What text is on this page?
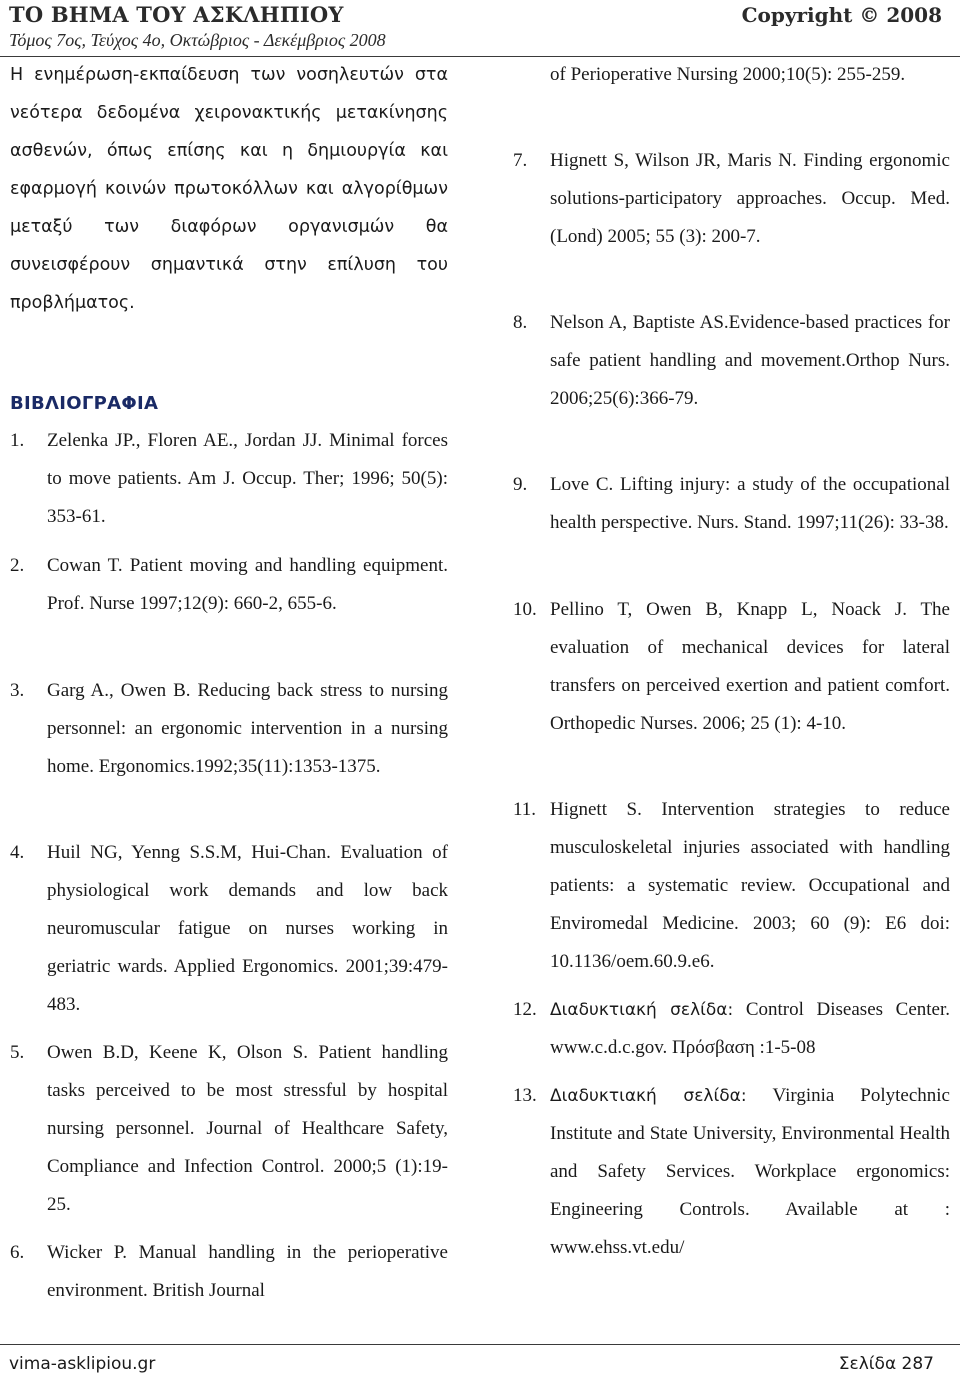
ΤΟ ΒΗΜΑ ΤΟΥ ΑΣΚΛΗΠΙΟΥ
Τόμος 7ος, Τεύχος 4ο, Οκτώβριος - Δεκέμβριος 2008
Copyright © 2008

Η ενημέρωση-εκπαίδευση των νοσηλευτών στα νεότερα δεδομένα χειρονακτικής μετακίνησης ασθενών, όπως επίσης και η δημιουργία και εφαρμογή κοινών πρωτοκόλλων και αλγορίθμων μεταξύ των διαφόρων οργανισμών θα συνεισφέρουν σημαντικά στην επίλυση του προβλήματος.

ΒΙΒΛΙΟΓΡΑΦΙΑ

1. Zelenka JP., Floren AE., Jordan JJ. Minimal forces to move patients. Am J. Occup. Ther; 1996; 50(5): 353-61.

2. Cowan T. Patient moving and handling equipment. Prof. Nurse 1997;12(9): 660-2, 655-6.

3. Garg A., Owen B. Reducing back stress to nursing personnel: an ergonomic intervention in a nursing home. Ergonomics.1992;35(11):1353-1375.

4. Huil NG, Yenng S.S.M, Hui-Chan. Evaluation of physiological work demands and low back neuromuscular fatigue on nurses working in geriatric wards. Applied Ergonomics. 2001;39:479-483.

5. Owen B.D, Keene K, Olson S. Patient handling tasks perceived to be most stressful by hospital nursing personnel. Journal of Healthcare Safety, Compliance and Infection Control. 2000;5 (1):19-25.

6. Wicker P. Manual handling in the perioperative environment. British Journal

of Perioperative Nursing 2000;10(5): 255-259.

7. Hignett S, Wilson JR, Maris N. Finding ergonomic solutions-participatory approaches. Occup. Med. (Lond) 2005; 55 (3): 200-7.

8. Nelson A, Baptiste AS.Evidence-based practices for safe patient handling and movement.Orthop Nurs. 2006;25(6):366-79.

9. Love C. Lifting injury: a study of the occupational health perspective. Nurs. Stand. 1997;11(26): 33-38.

10. Pellino T, Owen B, Knapp L, Noack J. The evaluation of mechanical devices for lateral transfers on perceived exertion and patient comfort. Orthopedic Nurses. 2006; 25 (1): 4-10.

11. Hignett S. Intervention strategies to reduce musculoskeletal injuries associated with handling patients: a systematic review. Occupational and Enviromedal Medicine. 2003; 60 (9): E6 doi: 10.1136/oem.60.9.e6.

12. Διαδυκτιακή σελίδα: Control Diseases Center. www.c.d.c.gov. Πρόσβαση :1-5-08

13. Διαδυκτιακή σελίδα: Virginia Polytechnic Institute and State University, Environmental Health and Safety Services. Workplace ergonomics: Engineering Controls. Available at : www.ehss.vt.edu/

vima-asklipiou.gr	Σελίδα 287
